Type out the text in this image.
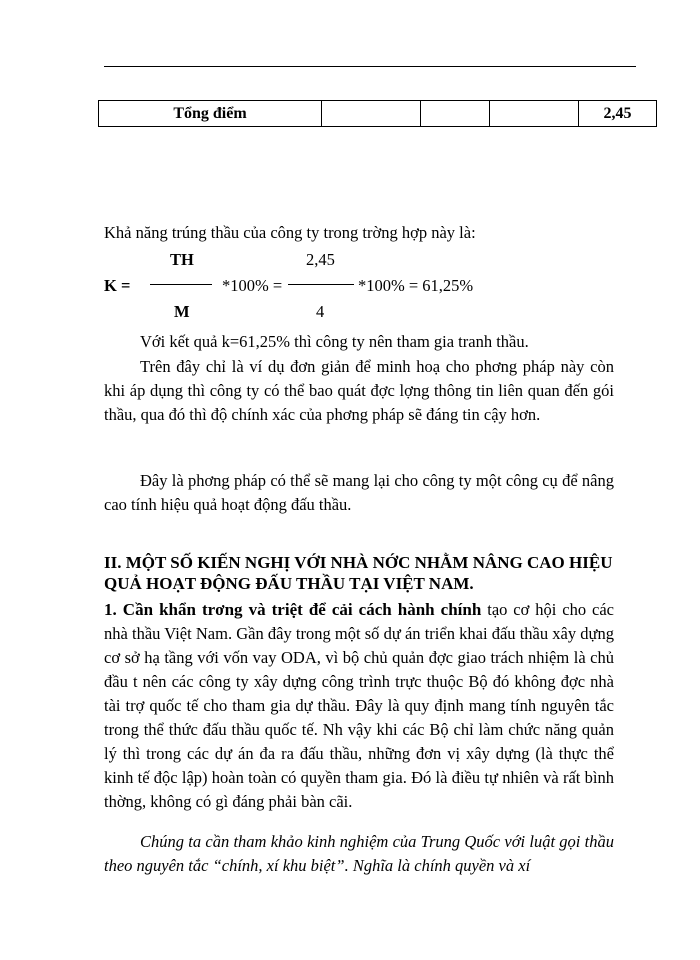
Tổng điểm				2,45
Khả năng trúng thầu của công ty trong trờng hợp này là:
TH
K =	*100% =
M
2,45
*100% = 61,25%
4
Với kết quả k=61,25% thì công ty nên tham gia tranh thầu.
Trên đây chỉ là ví dụ đơn giản để minh hoạ cho phơng pháp này còn khi áp dụng thì công ty có thể bao quát đợc lợng thông tin liên quan đến gói thầu, qua đó thì độ chính xác của phơng pháp sẽ đáng tin cậy hơn.
Đây là phơng pháp có thể sẽ mang lại cho công ty một công cụ để nâng cao tính hiệu quả hoạt động đấu thầu.
II. MỘT SỐ KIẾN NGHỊ VỚI NHÀ NỚC NHẰM NÂNG CAO HIỆU QUẢ HOẠT ĐỘNG ĐẤU THẦU TẠI VIỆT NAM.
1. Cần khẩn trơng và triệt để cải cách hành chính tạo cơ hội cho các nhà thầu Việt Nam. Gần đây trong một số dự án triển khai đấu thầu xây dựng cơ sở hạ tầng với vốn vay ODA, vì bộ chủ quản đợc giao trách nhiệm là chủ đầu t nên các công ty xây dựng công trình trực thuộc Bộ đó không đợc nhà tài trợ quốc tế cho tham gia dự thầu. Đây là quy định mang tính nguyên tắc trong thể thức đấu thầu quốc tế. Nh vậy khi các Bộ chỉ làm chức năng quản lý thì trong các dự án đa ra đấu thầu, những đơn vị xây dựng (là thực thể kinh tế độc lập) hoàn toàn có quyền tham gia. Đó là điều tự nhiên và rất bình thờng, không có gì đáng phải bàn cãi.
Chúng ta cần tham khảo kinh nghiệm của Trung Quốc với luật gọi thầu theo nguyên tắc “chính, xí khu biệt”. Nghĩa là chính quyền và xí
